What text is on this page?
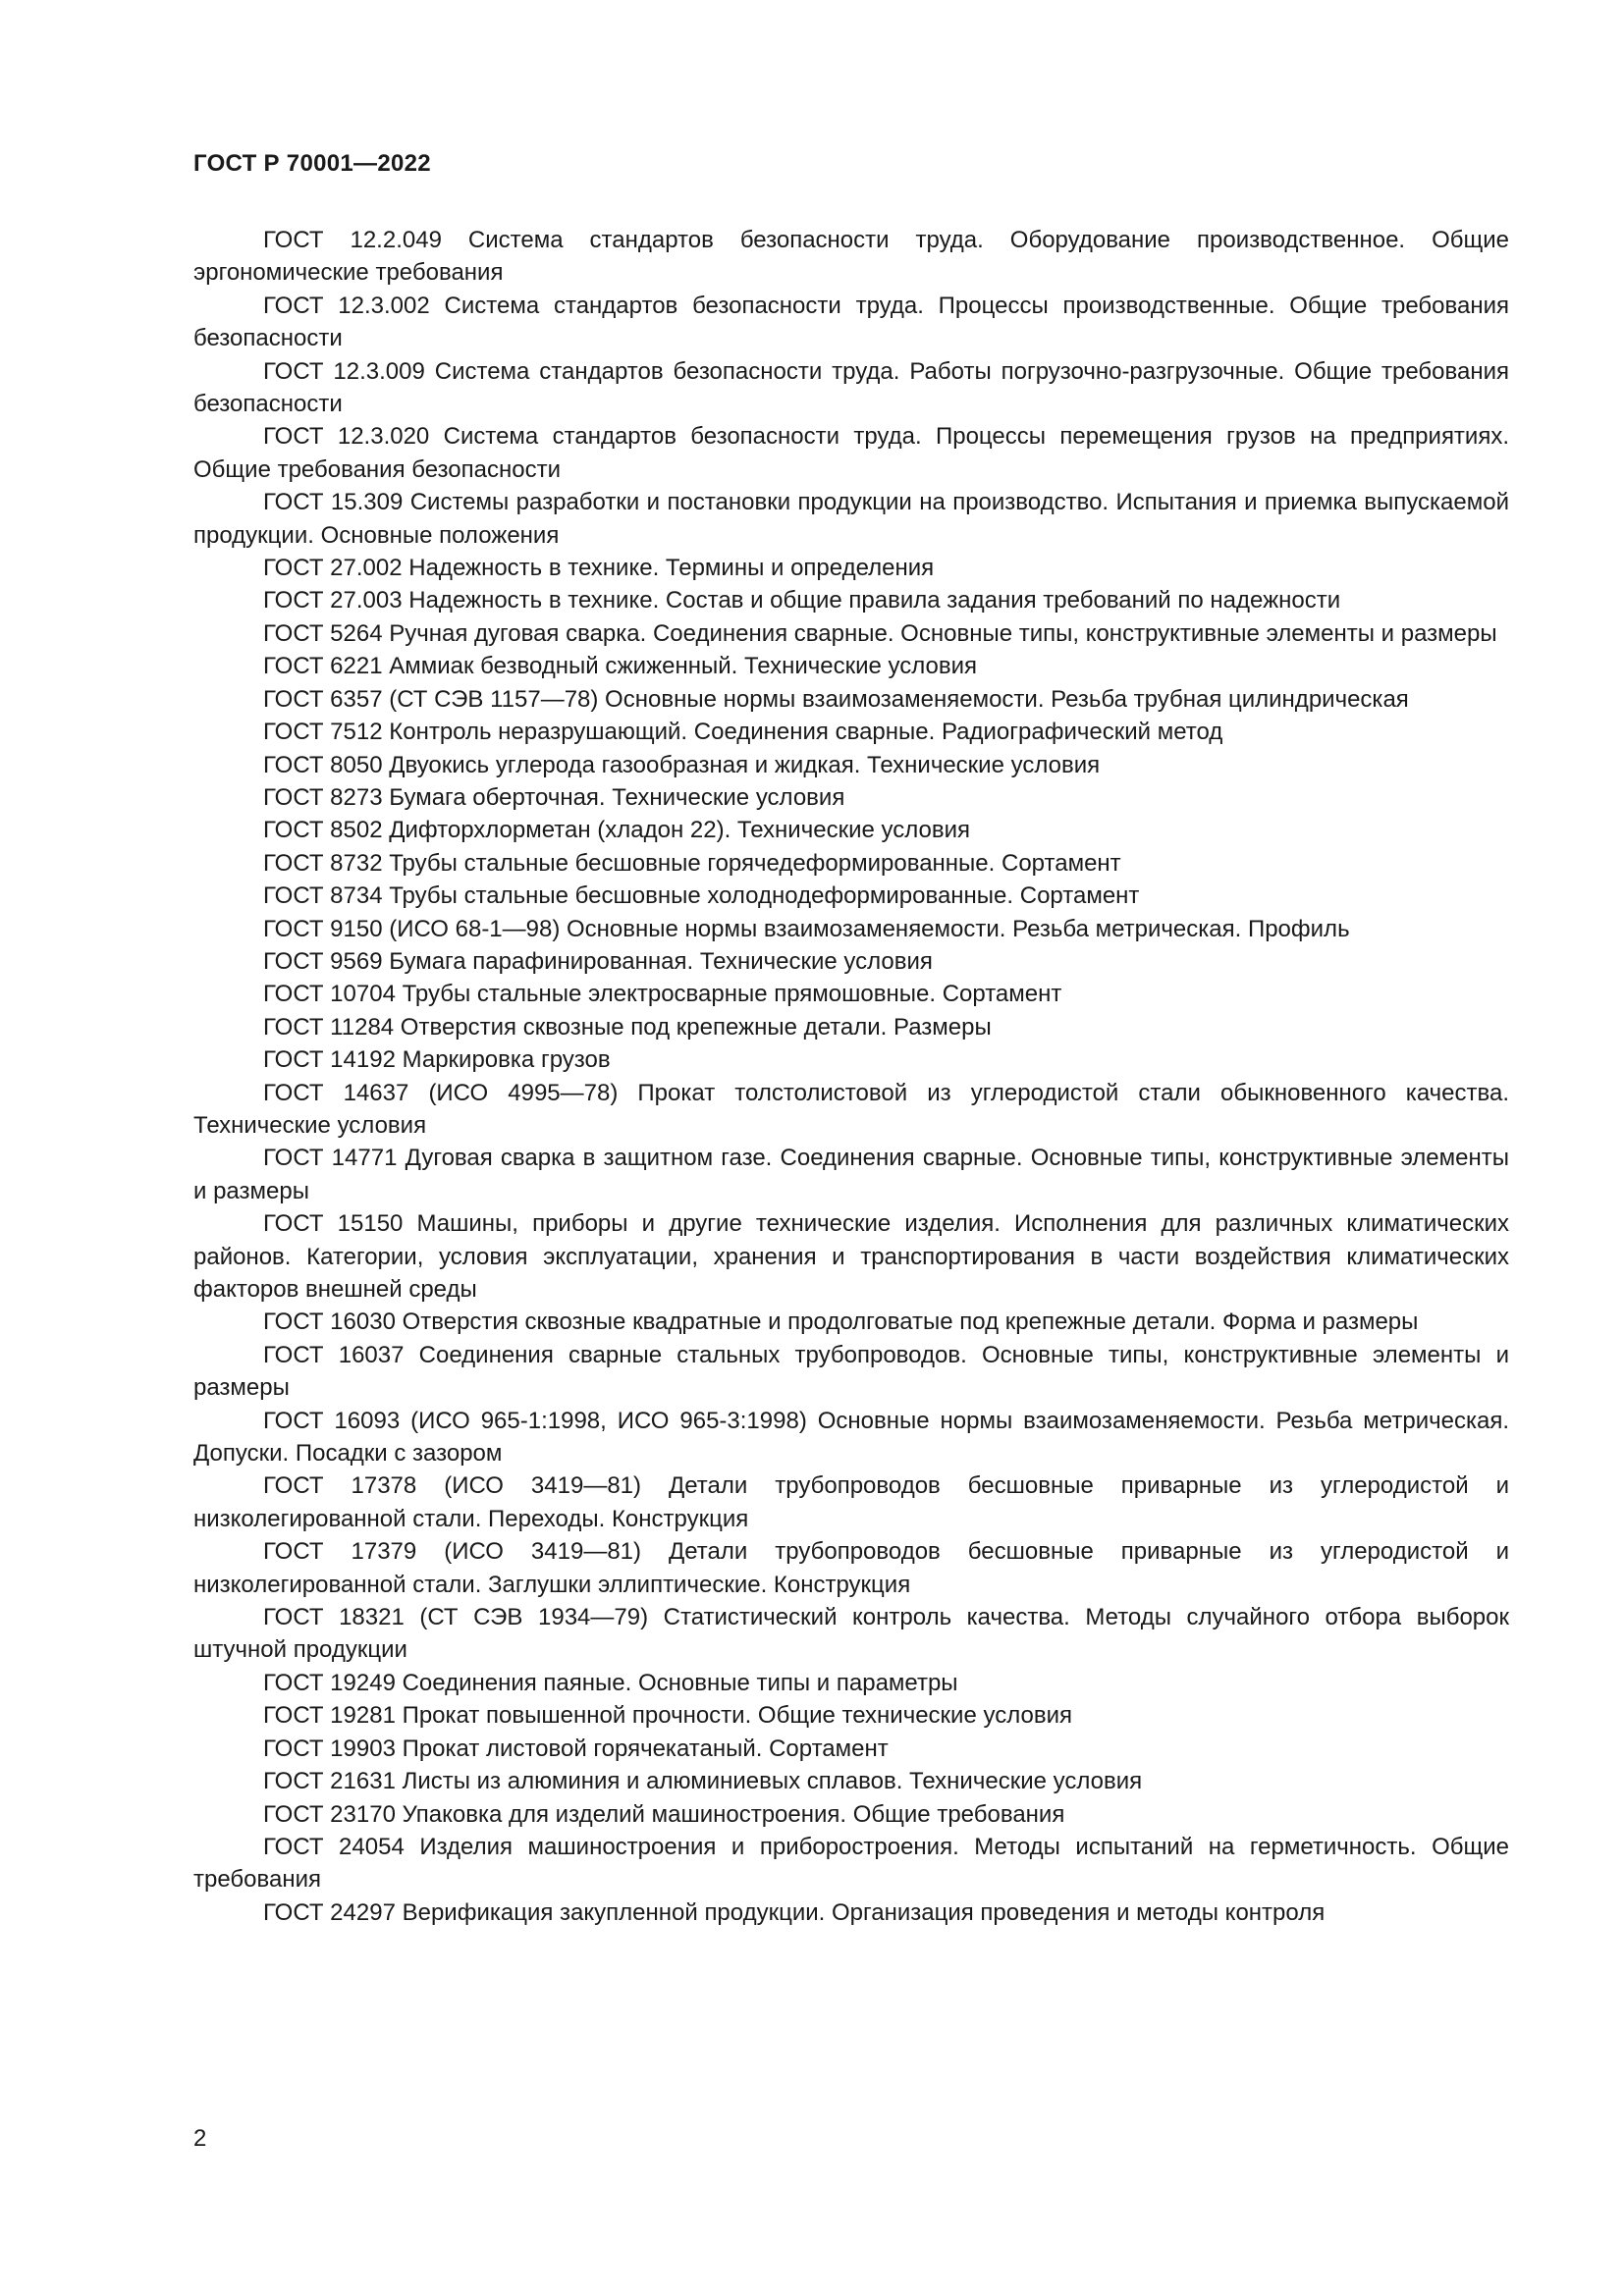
ГОСТ Р 70001—2022

ГОСТ 12.2.049 Система стандартов безопасности труда. Оборудование производственное. Общие эргономические требования

ГОСТ 12.3.002 Система стандартов безопасности труда. Процессы производственные. Общие требования безопасности

ГОСТ 12.3.009 Система стандартов безопасности труда. Работы погрузочно-разгрузочные. Общие требования безопасности

ГОСТ 12.3.020 Система стандартов безопасности труда. Процессы перемещения грузов на предприятиях. Общие требования безопасности

ГОСТ 15.309 Системы разработки и постановки продукции на производство. Испытания и приемка выпускаемой продукции. Основные положения

ГОСТ 27.002 Надежность в технике. Термины и определения

ГОСТ 27.003 Надежность в технике. Состав и общие правила задания требований по надежности

ГОСТ 5264 Ручная дуговая сварка. Соединения сварные. Основные типы, конструктивные элементы и размеры

ГОСТ 6221 Аммиак безводный сжиженный. Технические условия

ГОСТ 6357 (СТ СЭВ 1157—78) Основные нормы взаимозаменяемости. Резьба трубная цилиндрическая

ГОСТ 7512 Контроль неразрушающий. Соединения сварные. Радиографический метод

ГОСТ 8050 Двуокись углерода газообразная и жидкая. Технические условия

ГОСТ 8273 Бумага оберточная. Технические условия

ГОСТ 8502 Дифторхлорметан (хладон 22). Технические условия

ГОСТ 8732 Трубы стальные бесшовные горячедеформированные. Сортамент

ГОСТ 8734 Трубы стальные бесшовные холоднодеформированные. Сортамент

ГОСТ 9150 (ИСО 68-1—98) Основные нормы взаимозаменяемости. Резьба метрическая. Профиль

ГОСТ 9569 Бумага парафинированная. Технические условия

ГОСТ 10704 Трубы стальные электросварные прямошовные. Сортамент

ГОСТ 11284 Отверстия сквозные под крепежные детали. Размеры

ГОСТ 14192 Маркировка грузов

ГОСТ 14637 (ИСО 4995—78) Прокат толстолистовой из углеродистой стали обыкновенного качества. Технические условия

ГОСТ 14771 Дуговая сварка в защитном газе. Соединения сварные. Основные типы, конструктивные элементы и размеры

ГОСТ 15150 Машины, приборы и другие технические изделия. Исполнения для различных климатических районов. Категории, условия эксплуатации, хранения и транспортирования в части воздействия климатических факторов внешней среды

ГОСТ 16030 Отверстия сквозные квадратные и продолговатые под крепежные детали. Форма и размеры

ГОСТ 16037 Соединения сварные стальных трубопроводов. Основные типы, конструктивные элементы и размеры

ГОСТ 16093 (ИСО 965-1:1998, ИСО 965-3:1998) Основные нормы взаимозаменяемости. Резьба метрическая. Допуски. Посадки с зазором

ГОСТ 17378 (ИСО 3419—81) Детали трубопроводов бесшовные приварные из углеродистой и низколегированной стали. Переходы. Конструкция

ГОСТ 17379 (ИСО 3419—81) Детали трубопроводов бесшовные приварные из углеродистой и низколегированной стали. Заглушки эллиптические. Конструкция

ГОСТ 18321 (СТ СЭВ 1934—79) Статистический контроль качества. Методы случайного отбора выборок штучной продукции

ГОСТ 19249 Соединения паяные. Основные типы и параметры

ГОСТ 19281 Прокат повышенной прочности. Общие технические условия

ГОСТ 19903 Прокат листовой горячекатаный. Сортамент

ГОСТ 21631 Листы из алюминия и алюминиевых сплавов. Технические условия

ГОСТ 23170 Упаковка для изделий машиностроения. Общие требования

ГОСТ 24054 Изделия машиностроения и приборостроения. Методы испытаний на герметичность. Общие требования

ГОСТ 24297 Верификация закупленной продукции. Организация проведения и методы контроля

2
